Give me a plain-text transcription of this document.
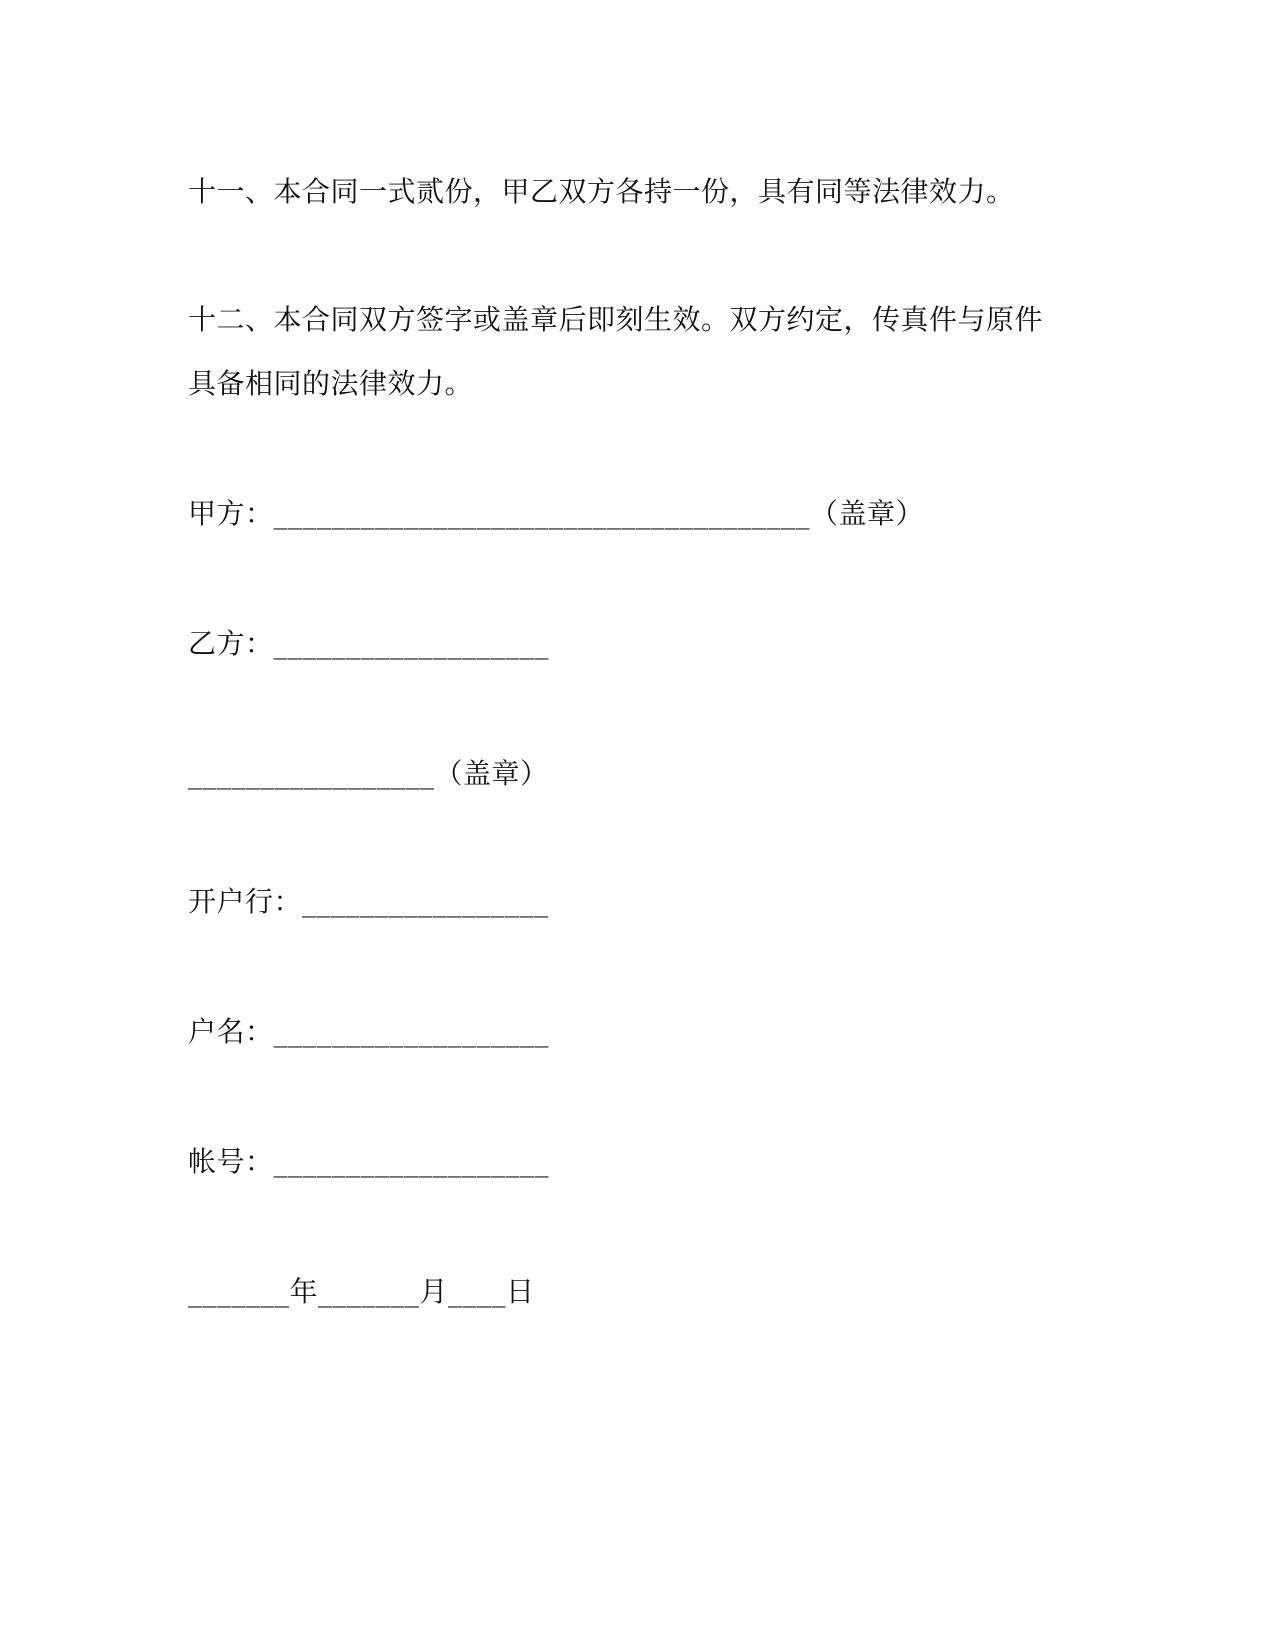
十一、本合同一式贰份，甲乙双方各持一份，具有同等法律效力。
十二、本合同双方签字或盖章后即刻生效。双方约定，传真件与原件
具备相同的法律效力。
甲方：_____________________________________（盖章）
乙方：___________________
_________________（盖章）
开户行：_________________
户名：___________________
帐号：___________________
_______年_______月____日
